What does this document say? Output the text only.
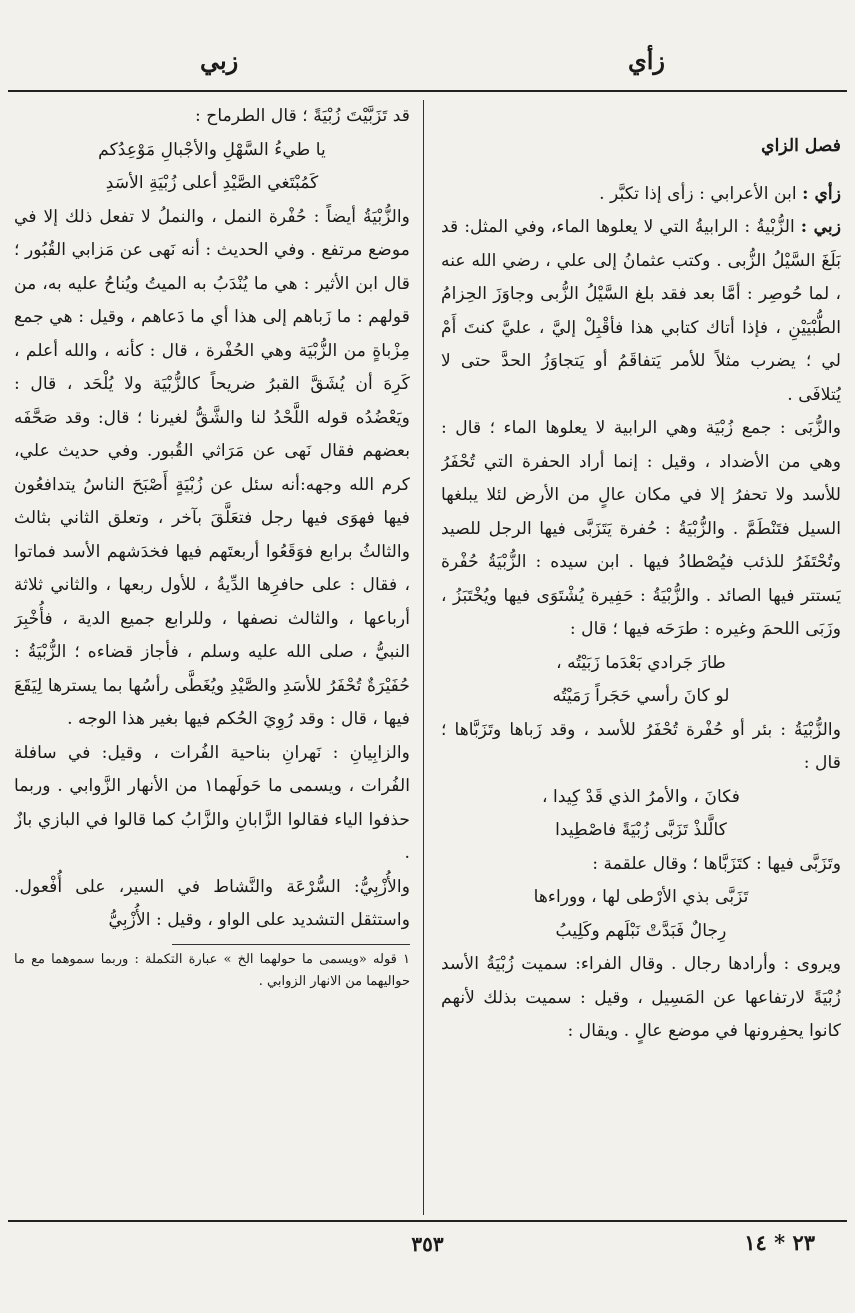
زأي
زبي

فصل الزاي

زأي : ابن الأعرابي : زأى إذا تكبَّر .

زبي : الزُّبْيةُ : الرابيةُ التي لا يعلوها الماء، وفي المثل: قد بَلَغَ السَّيْلُ الزُّبى . وكتب عثمانُ إلى علي ، رضي الله عنه ، لما حُوصِر : أمَّا بعد فقد بلغ السَّيْلُ الزُّبى وجاوَزَ الحِزامُ الطُّبْيَيْنِ ، فإذا أتاك كتابي هذا فأقْبِلْ إليَّ ، عليَّ كنتَ أَمْ لي ؛ يضرب مثلاً للأمر يَتفاقَمُ أو يَتجاوَزُ الحدَّ حتى لا يُتلافَى .

والزُّبَى : جمع زُبْيَة وهي الرابية لا يعلوها الماء ؛ قال : وهي من الأضداد ، وقيل : إنما أراد الحفرة التي تُحْفَرُ للأسد ولا تحفرُ إلا في مكان عالٍ من الأرض لئلا يبلغها السيل فتَنْطَمَّ . والزُّبْيَةُ : حُفرة يَتَزَبَّى فيها الرجل للصيد وتُحْتَفَرُ للذئب فيُصْطادُ فيها . ابن سيده : الزُّبْيَةُ حُفْرة يَستتر فيها الصائد . والزُّبْيَةُ : حَفِيرة يُشْتَوَى فيها ويُخْتَبَزُ ، وزَبَى اللحمَ وغيره : طرَحَه فيها ؛ قال :

طارَ جَرادي بَعْدَما زَبَيْتُه ،

لو كانَ رأسي حَجَراً رَمَيْتُه

والزُّبْيَةُ : بئر أو حُفْرة تُحْفَرُ للأسد ، وقد زَباها وتَزَبَّاها ؛ قال :

فكانَ ، والأمرُ الذي قَدْ كِيدا ،

كالَّلذْ تَزَبَّى زُبْيَةً فاصْطِيدا

وتَزَبَّى فيها : كتَزَبَّاها ؛ وقال علقمة :

تَزَبَّى بذي الأرْطى لها ، ووراءها

رِجالٌ فَبَدَّتْ نَبْلَهم وكَلِيبُ

ويروى : وأرادها رجال . وقال الفراء: سميت زُبْيَةُ الأسد زُبْيَةً لارتفاعها عن المَسِيل ، وقيل : سميت بذلك لأنهم كانوا يحفِرونها في موضع عالٍ . ويقال :

قد تَزَبَّيْتَ زُبْيَةً ؛ قال الطرماح :

يا طيءُ السَّهْلِ والأجْبالِ مَوْعِدُكم

كَمُبْتَغي الصَّيْدِ أعلى زُبْيَةِ الأسَدِ

والزُّبْيَةُ أيضاً : حُفْرة النمل ، والنملُ لا تفعل ذلك إلا في موضع مرتفع . وفي الحديث : أنه نَهى عن مَزابي القُبُور ؛ قال ابن الأثير : هي ما يُنْدَبُ به الميتُ ويُناحُ عليه به، من قولهم : ما زَباهم إلى هذا أي ما دَعاهم ، وقيل : هي جمع مِزْباةٍ من الزُّبْيَة وهي الحُفْرة ، قال : كأنه ، والله أعلم ، كَرِهَ أن يُشَقَّ القبرُ ضريحاً كالزُّبْيَة ولا يُلْحَد ، قال : ويَعْضُدُه قوله اللَّحْدُ لنا والشَّقُّ لغيرنا ؛ قال: وقد صَحَّفَه بعضهم فقال نَهى عن مَرَاثي القُبور. وفي حديث علي، كرم الله وجهه:أنه سئل عن زُبْيَةٍ أَصْبَحَ الناسُ يتدافعُون فيها فهوَى فيها رجل فتعَلَّقَ بآخر ، وتعلق الثاني بثالث والثالثُ برابع فوَقَعُوا أربعتَهم فيها فخدَشهم الأسد فماتوا ، فقال : على حافرِها الدِّيةُ ، للأول ربعها ، والثاني ثلاثة أرباعها ، والثالث نصفها ، وللرابع جميع الدية ، فأُخْبِرَ النبيُّ ، صلى الله عليه وسلم ، فأجاز قضاءه ؛ الزُّبْيَةُ : حُفَيْرَةٌ تُحْفَرُ للأسَدِ والصَّيْدِ ويُغَطَّى رأسُها بما يسترها لِيَقَعَ فيها ، قال : وقد رُوِيَ الحُكم فيها بغير هذا الوجه .

والزابِيانِ : نَهرانِ بناحية الفُرات ، وقيل: في سافلة الفُرات ، ويسمى ما حَولَهما١ من الأنهار الزَّوابي . وربما حذفوا الياء فقالوا الزَّابانِ والزَّابُ كما قالوا في البازي بازٌ .

والأُزْبِيُّ: السُّرْعَة والنَّشاط في السير، على أُفْعول. واستثقل التشديد على الواو ، وقيل : الأُزْبِيُّ

١ قوله «ويسمى ما حولهما الخ » عبارة التكملة : وربما سموهما مع ما حواليهما من الانهار الزوابي .

٣٥٣	٢٣ * ١٤
